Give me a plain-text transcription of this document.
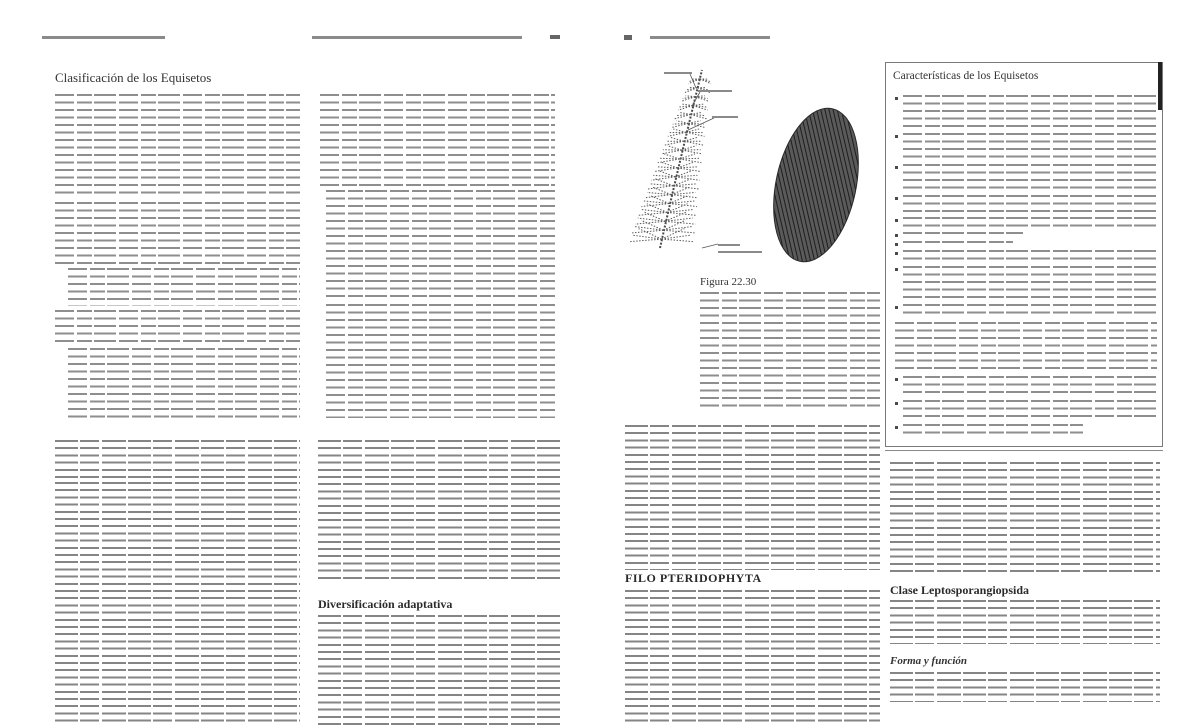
Clasificación de los Equisetos
Diversificación adaptativa
Figura 22.30
FILO PTERIDOPHYTA
Características de los Equisetos
Clase Leptosporangiopsida
Forma y función
